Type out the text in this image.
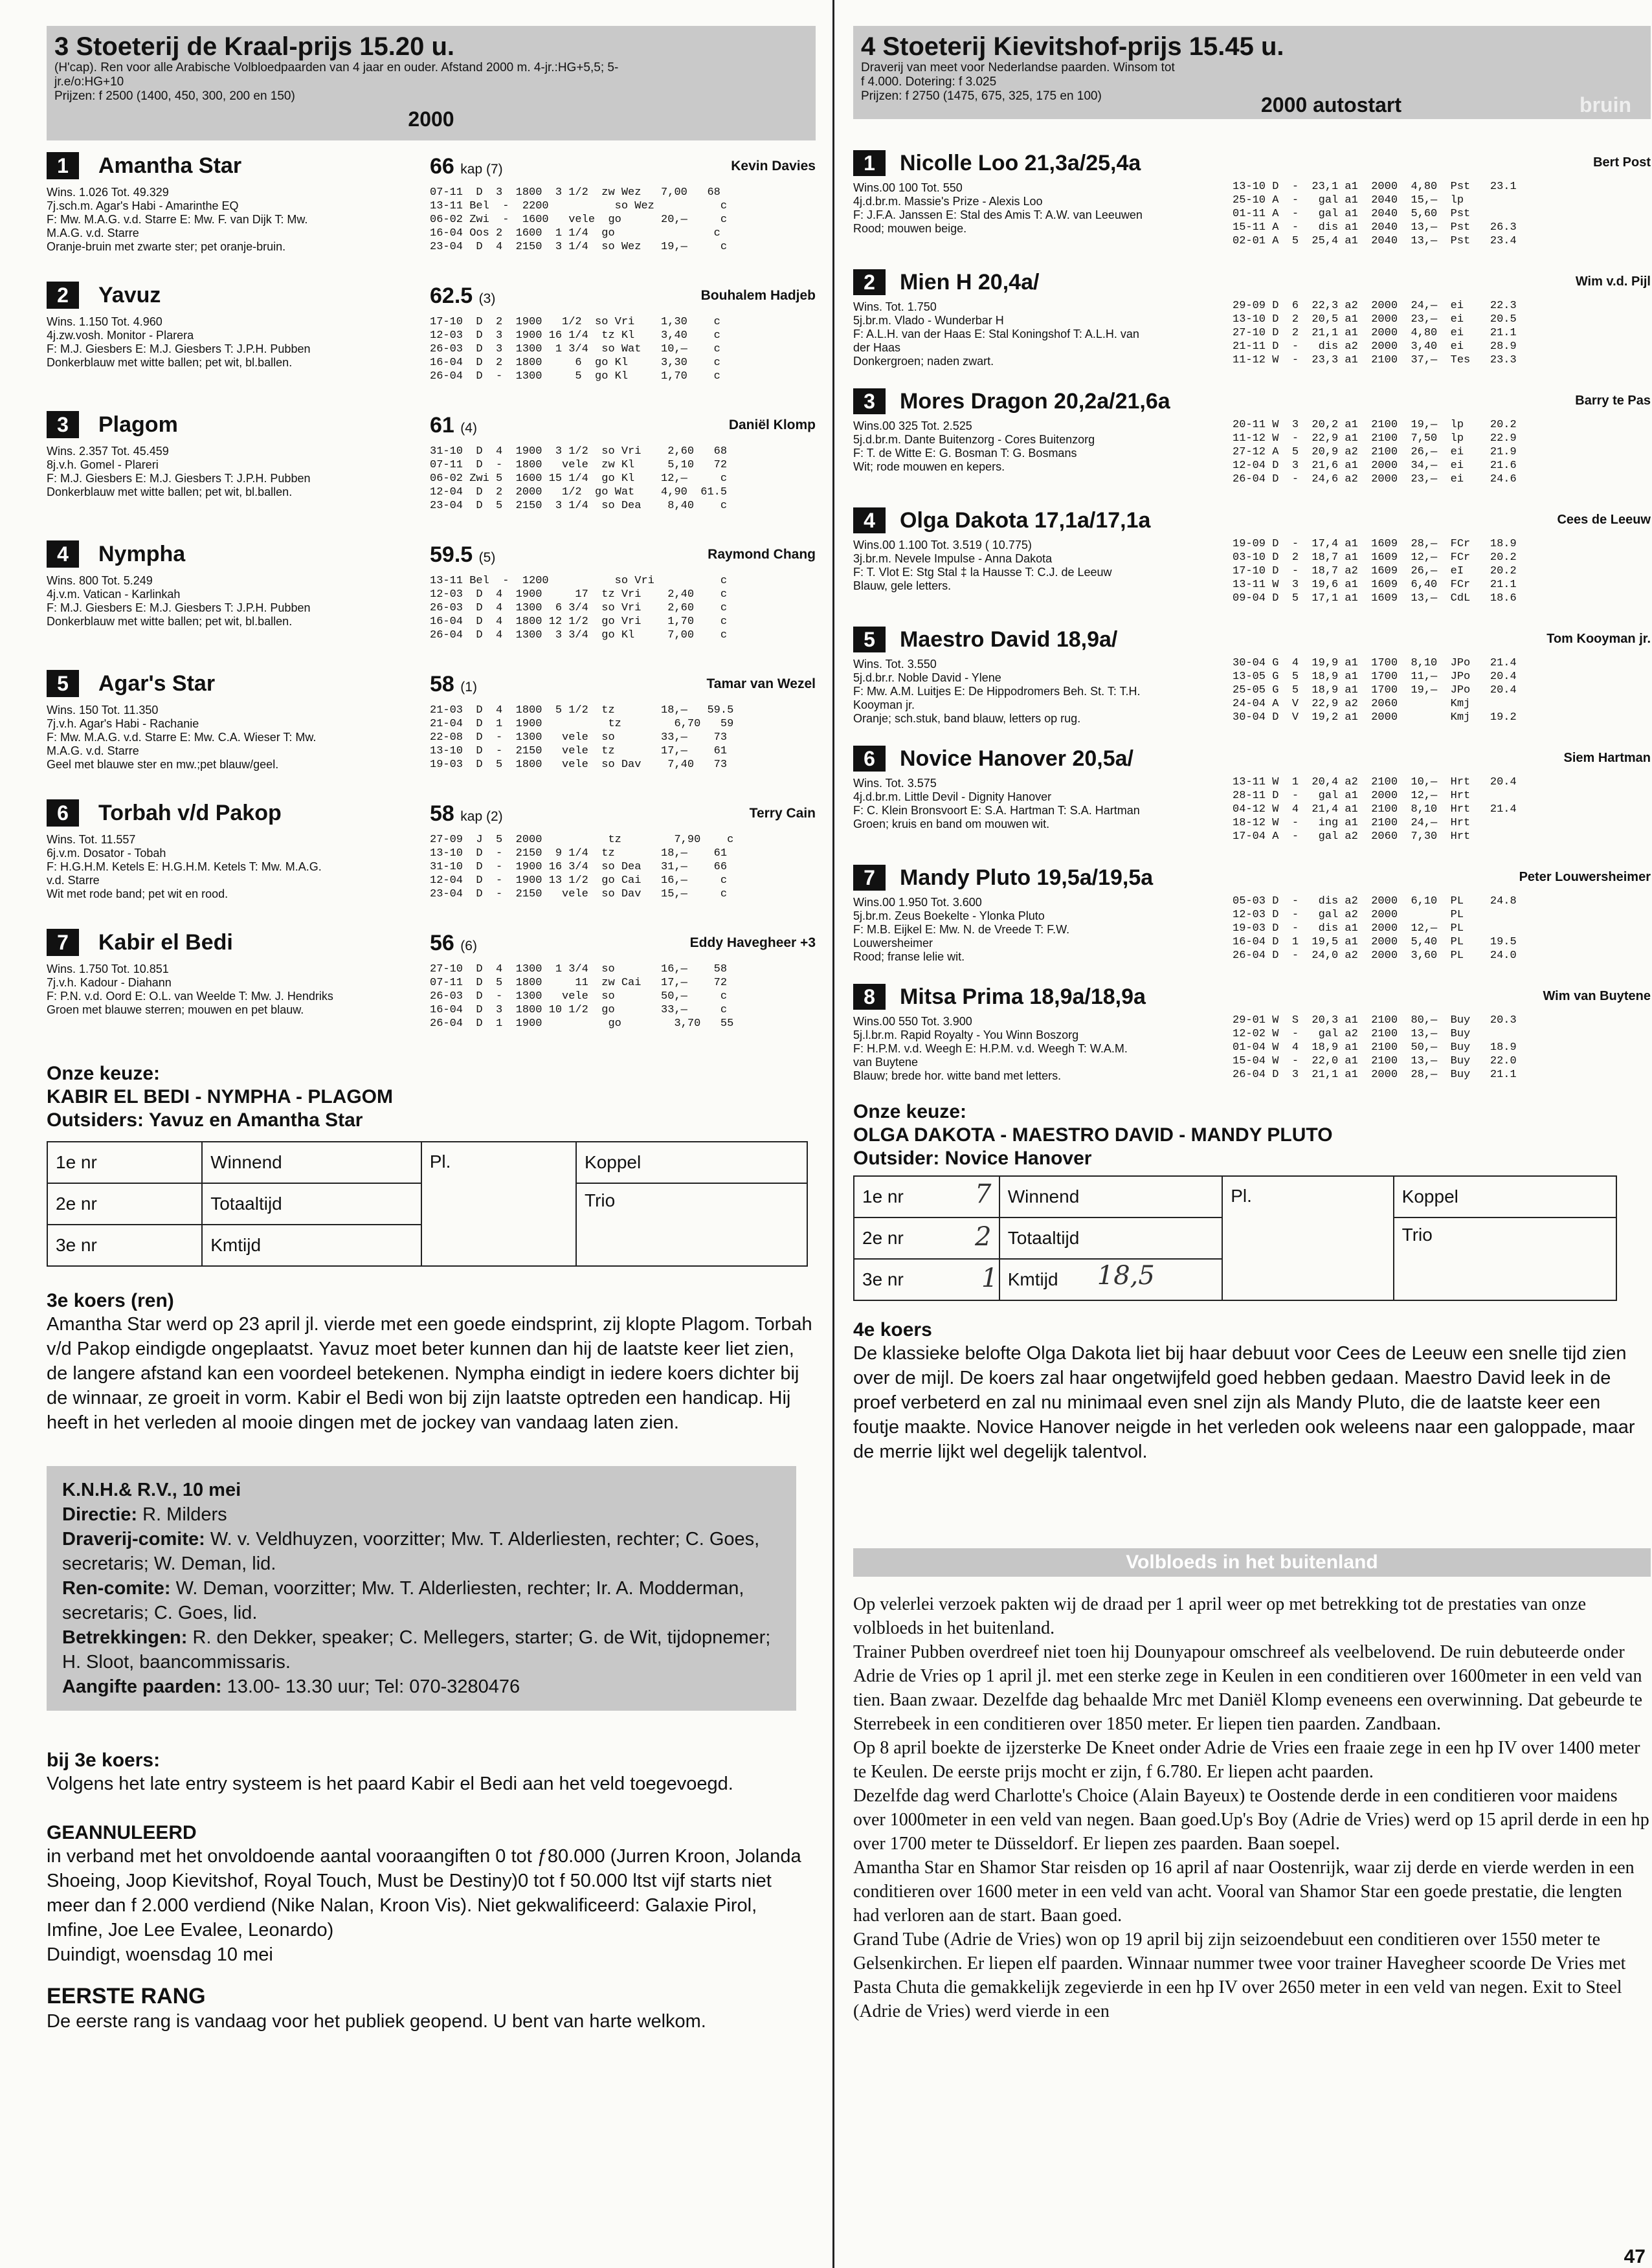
3 Stoeterij de Kraal-prijs 15.20 u.
(H'cap). Ren voor alle Arabische Volbloedpaarden van 4 jaar en ouder. Afstand 2000 m. 4-jr.:HG+5,5; 5-
jr.e/o:HG+10
Prijzen: f 2500 (1400, 450, 300, 200 en 150)
2000
1	Amantha Star	66 kap (7)	Kevin Davies
Wins. 1.026 Tot. 49.329
7j.sch.m. Agar's Habi - Amarinthe EQ
F: Mw. M.A.G. v.d. Starre E: Mw. F. van Dijk T: Mw.
M.A.G. v.d. Starre
Oranje-bruin met zwarte ster; pet oranje-bruin.
07-11  D  3  1800  3 1/2  zw Wez   7,00   68
13-11 Bel  -  2200          so Wez          c
06-02 Zwi  -  1600   vele  go      20,—     c
16-04 Oos 2  1600  1 1/4  go               c
23-04  D  4  2150  3 1/4  so Wez   19,—     c
2	Yavuz	62.5 (3)	Bouhalem Hadjeb
Wins. 1.150 Tot. 4.960
4j.zw.vosh. Monitor - Plarera
F: M.J. Giesbers E: M.J. Giesbers T: J.P.H. Pubben
Donkerblauw met witte ballen; pet wit, bl.ballen.
17-10  D  2  1900   1/2  so Vri    1,30    c
12-03  D  3  1900 16 1/4  tz Kl    3,40    c
26-03  D  3  1300  1 3/4  so Wat   10,—    c
16-04  D  2  1800     6  go Kl     3,30    c
26-04  D  -  1300     5  go Kl     1,70    c
3	Plagom	61 (4)	Daniël Klomp
Wins. 2.357 Tot. 45.459
8j.v.h. Gomel - Plareri
F: M.J. Giesbers E: M.J. Giesbers T: J.P.H. Pubben
Donkerblauw met witte ballen; pet wit, bl.ballen.
31-10  D  4  1900  3 1/2  so Vri    2,60   68
07-11  D  -  1800   vele  zw Kl     5,10   72
06-02 Zwi 5  1600 15 1/4  go Kl    12,—     c
12-04  D  2  2000   1/2  go Wat    4,90  61.5
23-04  D  5  2150  3 1/4  so Dea    8,40    c
4	Nympha	59.5 (5)	Raymond Chang
Wins. 800 Tot. 5.249
4j.v.m. Vatican - Karlinkah
F: M.J. Giesbers E: M.J. Giesbers T: J.P.H. Pubben
Donkerblauw met witte ballen; pet wit, bl.ballen.
13-11 Bel  -  1200          so Vri          c
12-03  D  4  1900     17  tz Vri    2,40    c
26-03  D  4  1300  6 3/4  so Vri    2,60    c
16-04  D  4  1800 12 1/2  go Vri    1,70    c
26-04  D  4  1300  3 3/4  go Kl     7,00    c
5	Agar's Star	58 (1)	Tamar van Wezel
Wins. 150 Tot. 11.350
7j.v.h. Agar's Habi - Rachanie
F: Mw. M.A.G. v.d. Starre E: Mw. C.A. Wieser T: Mw.
M.A.G. v.d. Starre
Geel met blauwe ster en mw.;pet blauw/geel.
21-03  D  4  1800  5 1/2  tz       18,—   59.5
21-04  D  1  1900          tz        6,70   59
22-08  D  -  1300   vele  so       33,—    73
13-10  D  -  2150   vele  tz       17,—    61
19-03  D  5  1800   vele  so Dav    7,40   73
6	Torbah v/d Pakop	58 kap (2)	Terry Cain
Wins. Tot. 11.557
6j.v.m. Dosator - Tobah
F: H.G.H.M. Ketels E: H.G.H.M. Ketels T: Mw. M.A.G.
v.d. Starre
Wit met rode band; pet wit en rood.
27-09  J  5  2000          tz        7,90    c
13-10  D  -  2150  9 1/4  tz       18,—    61
31-10  D  -  1900 16 3/4  so Dea   31,—    66
12-04  D  -  1900 13 1/2  go Cai   16,—     c
23-04  D  -  2150   vele  so Dav   15,—     c
7	Kabir el Bedi	56 (6)	Eddy Havegheer +3
Wins. 1.750 Tot. 10.851
7j.v.h. Kadour - Diahann
F: P.N. v.d. Oord E: O.L. van Weelde T: Mw. J. Hendriks
Groen met blauwe sterren; mouwen en pet blauw.
27-10  D  4  1300  1 3/4  so       16,—    58
07-11  D  5  1800     11  zw Cai   17,—    72
26-03  D  -  1300   vele  so       50,—     c
16-04  D  3  1800 10 1/2  go       33,—     c
26-04  D  1  1900          go        3,70   55
Onze keuze:
KABIR EL BEDI - NYMPHA - PLAGOM
Outsiders: Yavuz en Amantha Star
1e nr	Winnend	Pl.	Koppel
2e nr	Totaaltijd		Trio
3e nr	Kmtijd		
3e koers (ren)
Amantha Star werd op 23 april jl. vierde met een goede eindsprint, zij klopte Plagom. Torbah v/d Pakop eindigde ongeplaatst. Yavuz moet beter kunnen dan hij de laatste keer liet zien, de langere afstand kan een voordeel betekenen. Nympha eindigt in iedere koers dichter bij de winnaar, ze groeit in vorm. Kabir el Bedi won bij zijn laatste optreden een handicap. Hij heeft in het verleden al mooie dingen met de jockey van vandaag laten zien.
K.N.H.& R.V., 10 mei
Directie: R. Milders
Draverij-comite: W. v. Veldhuyzen, voorzitter; Mw. T. Alderliesten, rechter; C. Goes, secretaris; W. Deman, lid.
Ren-comite: W. Deman, voorzitter; Mw. T. Alderliesten, rechter; Ir. A. Modderman, secretaris; C. Goes, lid.
Betrekkingen: R. den Dekker, speaker; C. Mellegers, starter; G. de Wit, tijdopnemer; H. Sloot, baancommissaris.
Aangifte paarden: 13.00- 13.30 uur; Tel: 070-3280476
bij 3e koers:
Volgens het late entry systeem is het paard Kabir el Bedi aan het veld toegevoegd.
GEANNULEERD
in verband met het onvoldoende aantal vooraangiften 0 tot ƒ80.000 (Jurren Kroon, Jolanda Shoeing, Joop Kievitshof, Royal Touch, Must be Destiny)0 tot f 50.000 ltst vijf starts niet meer dan f 2.000 verdiend (Nike Nalan, Kroon Vis). Niet gekwalificeerd: Galaxie Pirol, Imfine, Joe Lee Evalee, Leonardo)
Duindigt, woensdag 10 mei
EERSTE RANG
De eerste rang is vandaag voor het publiek geopend. U bent van harte welkom.
4 Stoeterij Kievitshof-prijs 15.45 u.
Draverij van meet voor Nederlandse paarden. Winsom tot
f 4.000. Dotering: f 3.025
Prijzen: f 2750 (1475, 675, 325, 175 en 100)	2000 autostart	bruin
1	Nicolle Loo 21,3a/25,4a	Bert Post
Wins.00 100 Tot. 550
4j.d.br.m. Massie's Prize - Alexis Loo
F: J.F.A. Janssen E: Stal des Amis T: A.W. van Leeuwen
Rood; mouwen beige.
13-10 D  -  23,1 a1  2000  4,80  Pst   23.1
25-10 A  -   gal a1  2040  15,—  lp
01-11 A  -   gal a1  2040  5,60  Pst
15-11 A  -   dis a1  2040  13,—  Pst   26.3
02-01 A  5  25,4 a1  2040  13,—  Pst   23.4
2	Mien H 20,4a/	Wim v.d. Pijl
Wins. Tot. 1.750
5j.br.m. Vlado - Wunderbar H
F: A.L.H. van der Haas E: Stal Koningshof T: A.L.H. van
der Haas
Donkergroen; naden zwart.
29-09 D  6  22,3 a2  2000  24,—  ei    22.3
13-10 D  2  20,5 a1  2000  23,—  ei    20.5
27-10 D  2  21,1 a1  2000  4,80  ei    21.1
21-11 D  -   dis a2  2000  3,40  ei    28.9
11-12 W  -  23,3 a1  2100  37,—  Tes   23.3
3	Mores Dragon 20,2a/21,6a	Barry te Pas
Wins.00 325 Tot. 2.525
5j.d.br.m. Dante Buitenzorg - Cores Buitenzorg
F: T. de Witte E: G. Bosman T: G. Bosmans
Wit; rode mouwen en kepers.
20-11 W  3  20,2 a1  2100  19,—  lp    20.2
11-12 W  -  22,9 a1  2100  7,50  lp    22.9
27-12 A  5  20,9 a2  2100  26,—  ei    21.9
12-04 D  3  21,6 a1  2000  34,—  ei    21.6
26-04 D  -  24,6 a2  2000  23,—  ei    24.6
4	Olga Dakota 17,1a/17,1a	Cees de Leeuw
Wins.00 1.100 Tot. 3.519 ( 10.775)
3j.br.m. Nevele Impulse - Anna Dakota
F: T. Vlot E: Stg Stal ‡ la Hausse T: C.J. de Leeuw
Blauw, gele letters.
19-09 D  -  17,4 a1  1609  28,—  FCr   18.9
03-10 D  2  18,7 a1  1609  12,—  FCr   20.2
17-10 D  -  18,7 a2  1609  26,—  eI    20.2
13-11 W  3  19,6 a1  1609  6,40  FCr   21.1
09-04 D  5  17,1 a1  1609  13,—  CdL   18.6
5	Maestro David 18,9a/	Tom Kooyman jr.
Wins. Tot. 3.550
5j.d.br.r. Noble David - Ylene
F: Mw. A.M. Luitjes E: De Hippodromers Beh. St. T: T.H.
Kooyman jr.
Oranje; sch.stuk, band blauw, letters op rug.
30-04 G  4  19,9 a1  1700  8,10  JPo   21.4
13-05 G  5  18,9 a1  1700  11,—  JPo   20.4
25-05 G  5  18,9 a1  1700  19,—  JPo   20.4
24-04 A  V  22,9 a2  2060        Kmj
30-04 D  V  19,2 a1  2000        Kmj   19.2
6	Novice Hanover 20,5a/	Siem Hartman
Wins. Tot. 3.575
4j.d.br.m. Little Devil - Dignity Hanover
F: C. Klein Bronsvoort E: S.A. Hartman T: S.A. Hartman
Groen; kruis en band om mouwen wit.
13-11 W  1  20,4 a2  2100  10,—  Hrt   20.4
28-11 D  -   gal a1  2000  12,—  Hrt
04-12 W  4  21,4 a1  2100  8,10  Hrt   21.4
18-12 W  -   ing a1  2100  24,—  Hrt
17-04 A  -   gal a2  2060  7,30  Hrt
7	Mandy Pluto 19,5a/19,5a	Peter Louwersheimer
Wins.00 1.950 Tot. 3.600
5j.br.m. Zeus Boekelte - Ylonka Pluto
F: M.B. Eijkel E: Mw. N. de Vreede T: F.W.
Louwersheimer
Rood; franse lelie wit.
05-03 D  -   dis a2  2000  6,10  PL    24.8
12-03 D  -   gal a2  2000        PL
19-03 D  -   dis a1  2000  12,—  PL
16-04 D  1  19,5 a1  2000  5,40  PL    19.5
26-04 D  -  24,0 a2  2000  3,60  PL    24.0
8	Mitsa Prima 18,9a/18,9a	Wim van Buytene
Wins.00 550 Tot. 3.900
5j.l.br.m. Rapid Royalty - You Winn Boszorg
F: H.P.M. v.d. Weegh E: H.P.M. v.d. Weegh T: W.A.M.
van Buytene
Blauw; brede hor. witte band met letters.
29-01 W  S  20,3 a1  2100  80,—  Buy   20.3
12-02 W  -   gal a2  2100  13,—  Buy
01-04 W  4  18,9 a1  2100  50,—  Buy   18.9
15-04 W  -  22,0 a1  2100  13,—  Buy   22.0
26-04 D  3  21,1 a1  2000  28,—  Buy   21.1
Onze keuze:
OLGA DAKOTA - MAESTRO DAVID - MANDY PLUTO
Outsider: Novice Hanover
1e nr 7	Winnend	Pl.	Koppel
2e nr 2	Totaaltijd		Trio
3e nr 1	Kmtijd 18,5		
4e koers
De klassieke belofte Olga Dakota liet bij haar debuut voor Cees de Leeuw een snelle tijd zien over de mijl. De koers zal haar ongetwijfeld goed hebben gedaan. Maestro David leek in de proef verbeterd en zal nu minimaal even snel zijn als Mandy Pluto, die de laatste keer een foutje maakte. Novice Hanover neigde in het verleden ook weleens naar een galoppade, maar de merrie lijkt wel degelijk talentvol.
Volbloeds in het buitenland
Op velerlei verzoek pakten wij de draad per 1 april weer op met betrekking tot de prestaties van onze volbloeds in het buitenland.
Trainer Pubben overdreef niet toen hij Dounyapour omschreef als veelbelovend. De ruin debuteerde onder Adrie de Vries op 1 april jl. met een sterke zege in Keulen in een conditieren over 1600meter in een veld van tien. Baan zwaar. Dezelfde dag behaalde Mrc met Daniël Klomp eveneens een overwinning. Dat gebeurde te Sterrebeek in een conditieren over 1850 meter. Er liepen tien paarden. Zandbaan.
Op 8 april boekte de ijzersterke De Kneet onder Adrie de Vries een fraaie zege in een hp IV over 1400 meter te Keulen. De eerste prijs mocht er zijn, f 6.780. Er liepen acht paarden.
Dezelfde dag werd Charlotte's Choice (Alain Bayeux) te Oostende derde in een conditieren voor maidens over 1000meter in een veld van negen. Baan goed.Up's Boy (Adrie de Vries) werd op 15 april derde in een hp over 1700 meter te Düsseldorf. Er liepen zes paarden. Baan soepel.
Amantha Star en Shamor Star reisden op 16 april af naar Oostenrijk, waar zij derde en vierde werden in een conditieren over 1600 meter in een veld van acht. Vooral van Shamor Star een goede prestatie, die lengten had verloren aan de start. Baan goed.
Grand Tube (Adrie de Vries) won op 19 april bij zijn seizoendebuut een conditieren over 1550 meter te Gelsenkirchen. Er liepen elf paarden. Winnaar nummer twee voor trainer Havegheer scoorde De Vries met Pasta Chuta die gemakkelijk zegevierde in een hp IV over 2650 meter in een veld van negen. Exit to Steel (Adrie de Vries) werd vierde in een
47
